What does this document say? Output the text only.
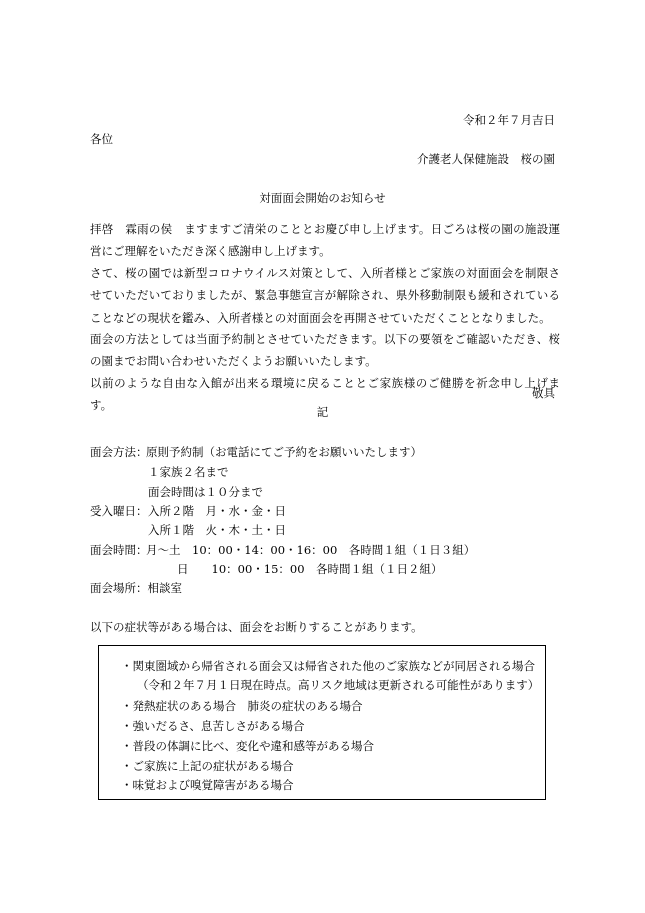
令和２年７月吉日
各位
介護老人保健施設　桜の園
対面面会開始のお知らせ
拝啓　霖雨の侯　ますますご清栄のこととお慶び申し上げます。日ごろは桜の園の施設運営にご理解をいただき深く感謝申し上げます。
さて、桜の園では新型コロナウイルス対策として、入所者様とご家族の対面面会を制限させていただいておりましたが、緊急事態宣言が解除され、県外移動制限も緩和されていることなどの現状を鑑み、入所者様との対面面会を再開させていただくこととなりました。
面会の方法としては当面予約制とさせていただきます。以下の要領をご確認いただき、桜の園までお問い合わせいただくようお願いいたします。
以前のような自由な入館が出来る環境に戻ることとご家族様のご健勝を祈念申し上げます。
敬具
記
面会方法：
原則予約制（お電話にてご予約をお願いいたします）
１家族２名まで
面会時間は１０分まで
受入曜日： 入所２階　月・水・金・日
入所１階　火・木・土・日
面会時間：
月～土　10：00・14：00・16：00　各時間１組（１日３組）
日　　10：00・15：00　各時間１組（１日２組）
面会場所：相談室
以下の症状等がある場合は、面会をお断りすることがあります。
・関東圏域から帰省される面会又は帰省された他のご家族などが同居される場合
（令和２年７月１日現在時点。高リスク地域は更新される可能性があります）
・発熱症状のある場合　肺炎の症状のある場合
・強いだるさ、息苦しさがある場合
・普段の体調に比べ、変化や違和感等がある場合
・ご家族に上記の症状がある場合
・味覚および嗅覚障害がある場合
